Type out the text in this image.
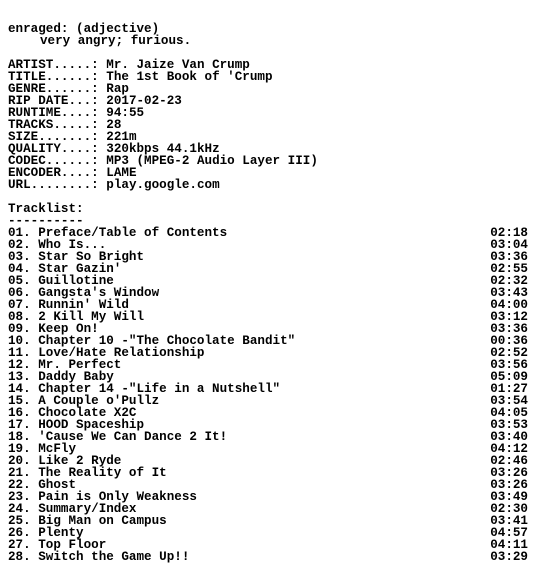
enraged: (adjective)
very angry; furious.
ARTIST.....: Mr. Jaize Van Crump
TITLE......: The 1st Book of 'Crump
GENRE......: Rap
RIP DATE...: 2017-02-23
RUNTIME....: 94:55
TRACKS.....: 28
SIZE.......: 221m
QUALITY....: 320kbps 44.1kHz
CODEC......: MP3 (MPEG-2 Audio Layer III)
ENCODER....: LAME
URL........: play.google.com
Tracklist:
----------
01. Preface/Table of Contents	02:18
02. Who Is...	03:04
03. Star So Bright	03:36
04. Star Gazin'	02:55
05. Guillotine	02:32
06. Gangsta's Window	03:43
07. Runnin' Wild	04:00
08. 2 Kill My Will	03:12
09. Keep On!	03:36
10. Chapter 10 -"The Chocolate Bandit"	00:36
11. Love/Hate Relationship	02:52
12. Mr. Perfect	03:56
13. Daddy Baby	05:09
14. Chapter 14 -"Life in a Nutshell"	01:27
15. A Couple o'Pullz	03:54
16. Chocolate X2C	04:05
17. HOOD Spaceship	03:53
18. 'Cause We Can Dance 2 It!	03:40
19. McFly	04:12
20. Like 2 Ryde	02:46
21. The Reality of It	03:26
22. Ghost	03:26
23. Pain is Only Weakness	03:49
24. Summary/Index	02:30
25. Big Man on Campus	03:41
26. Plenty	04:57
27. Top Floor	04:11
28. Switch the Game Up!!	03:29
